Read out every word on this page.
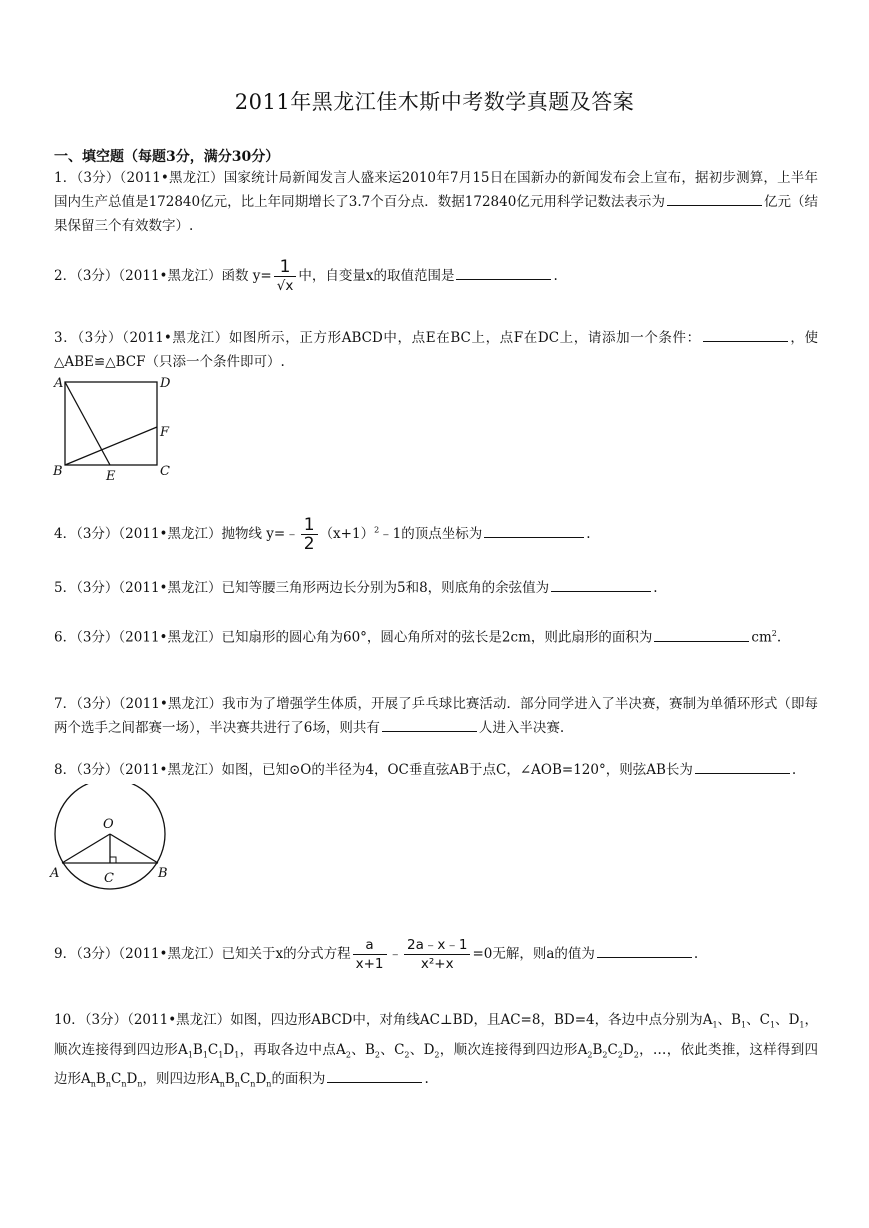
2011年黑龙江佳木斯中考数学真题及答案
一、填空题（每题3分，满分30分）
1．（3分）（2011•黑龙江）国家统计局新闻发言人盛来运2010年7月15日在国新办的新闻发布会上宣布，据初步测算，上半年国内生产总值是172840亿元，比上年同期增长了3.7个百分点．数据172840亿元用科学记数法表示为	亿元（结果保留三个有效数字）.
2．（3分）（2011•黑龙江）函数 $y= \frac{1}{√x}$ 中，自变量x的取值范围是	.
3．（3分）（2011•黑龙江）如图所示，正方形ABCD中，点E在BC上，点F在DC上，请添加一个条件：	，使△ABE≌△BCF（只添一个条件即可）.
A	D
F
B	E	C
4．（3分）（2011•黑龙江）抛物线 y=﹣ $\frac{1}{2}$ $(x+1)^2﹣1$的顶点坐标为	.
5．（3分）（2011•黑龙江）已知等腰三角形两边长分别为5和8，则底角的余弦值为	.
6．（3分）（2011•黑龙江）已知扇形的圆心角为60°，圆心角所对的弦长是2cm，则此扇形的面积为	$cm^2$.
7．（3分）（2011•黑龙江）我市为了增强学生体质，开展了乒乓球比赛活动．部分同学进入了半决赛，赛制为单循环形式（即每两个选手之间都赛一场），半决赛共进行了6场，则共有	人进入半决赛.
8．（3分）（2011•黑龙江）如图，已知⊙O的半径为4，OC垂直弦AB于点C，∠AOB=120°，则弦AB长为	.
O
A	C	B
9．（3分）（2011•黑龙江）已知关于x的分式方程 $\frac{a}{x+1}$ ﹣ $\frac{2a﹣x﹣1}{\text{x²+x}} =0$无解，则a的值为	.
10．（3分）（2011•黑龙江）如图，四边形ABCD中，对角线AC⊥BD，且AC=8，BD=4，各边中点分别为$A_1$、$B_1$、$C_1$、$D_1$，顺次连接得到四边形$A_1B_1C_1D_1$，再取各边中点$A_2$、$B_2$、$C_2$、$D_2$，顺次连接得到四边形$A_2B_2C_2D_2$，…，依此类推，这样得到四边形$A_nB_nC_nD_n$，则四边形$A_nB_nC_nD_n$的面积为	.
